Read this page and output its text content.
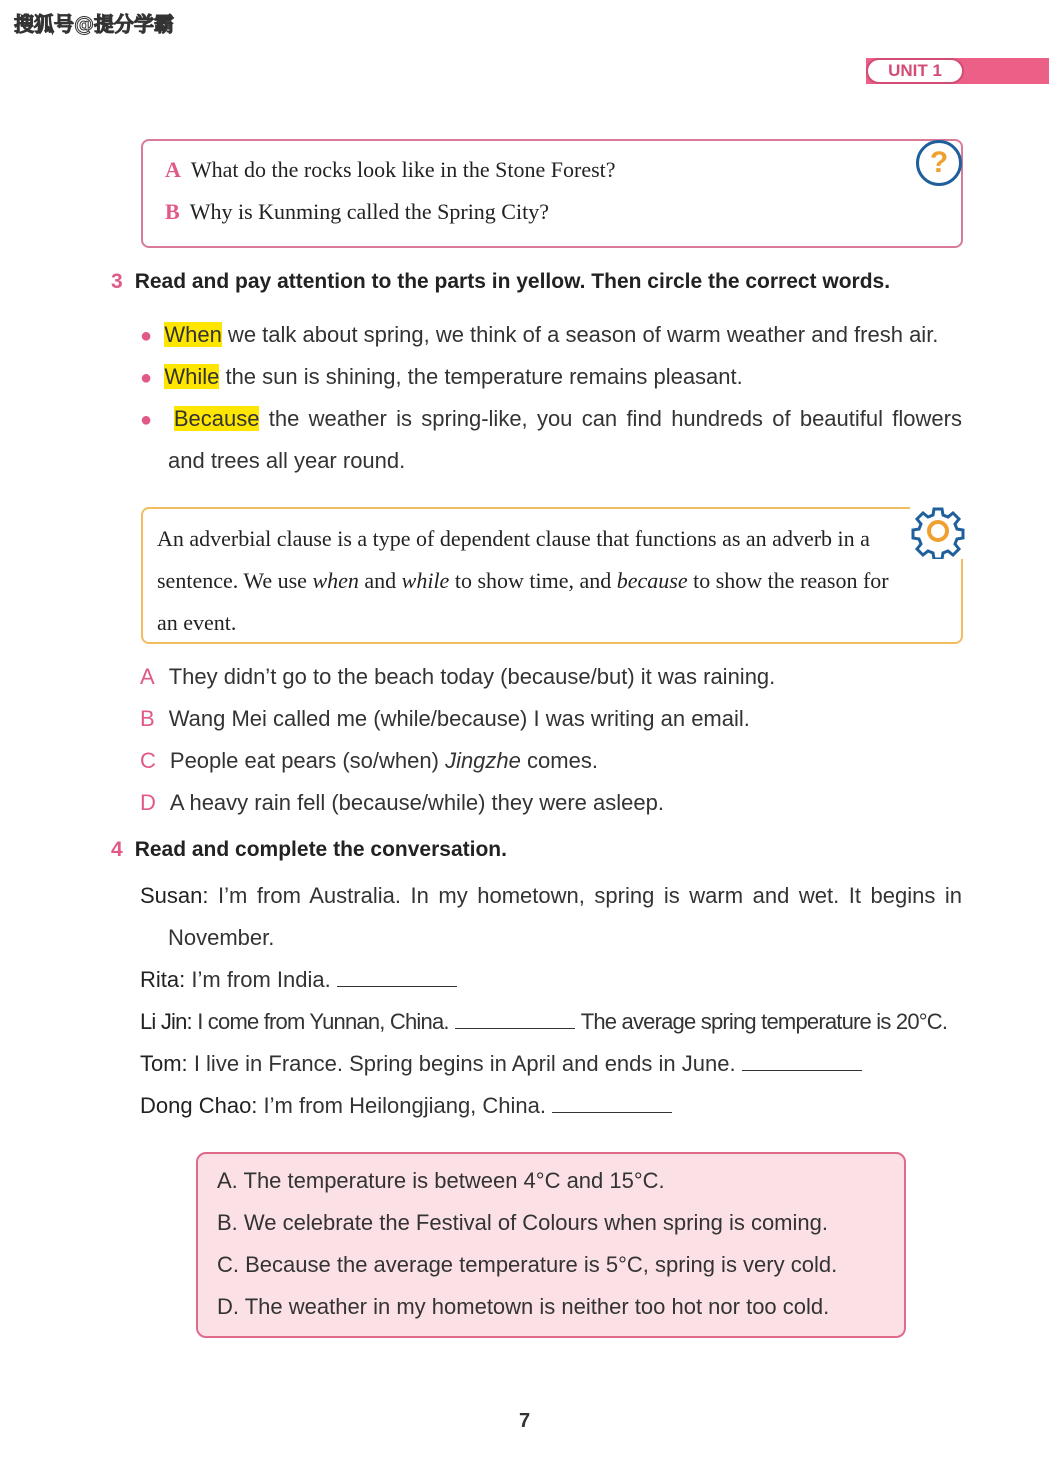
搜狐号@提分学霸
UNIT 1
?
A What do the rocks look like in the Stone Forest?
B Why is Kunming called the Spring City?
3 Read and pay attention to the parts in yellow. Then circle the correct words.
● When we talk about spring, we think of a season of warm weather and fresh air.
● While the sun is shining, the temperature remains pleasant.
● Because the weather is spring-like, you can find hundreds of beautiful flowers
and trees all year round.
An adverbial clause is a type of dependent clause that functions as an adverb in a sentence. We use when and while to show time, and because to show the reason for an event.
A They didn’t go to the beach today (because/but) it was raining.
B Wang Mei called me (while/because) I was writing an email.
C People eat pears (so/when) Jingzhe comes.
D A heavy rain fell (because/while) they were asleep.
4 Read and complete the conversation.
Susan: I’m from Australia. In my hometown, spring is warm and wet. It begins in
November.
Rita: I’m from India.
Li Jin: I come from Yunnan, China.	The average spring temperature is 20°C.
Tom: I live in France. Spring begins in April and ends in June.
Dong Chao: I’m from Heilongjiang, China.
A. The temperature is between 4°C and 15°C.
B. We celebrate the Festival of Colours when spring is coming.
C. Because the average temperature is 5°C, spring is very cold.
D. The weather in my hometown is neither too hot nor too cold.
7
